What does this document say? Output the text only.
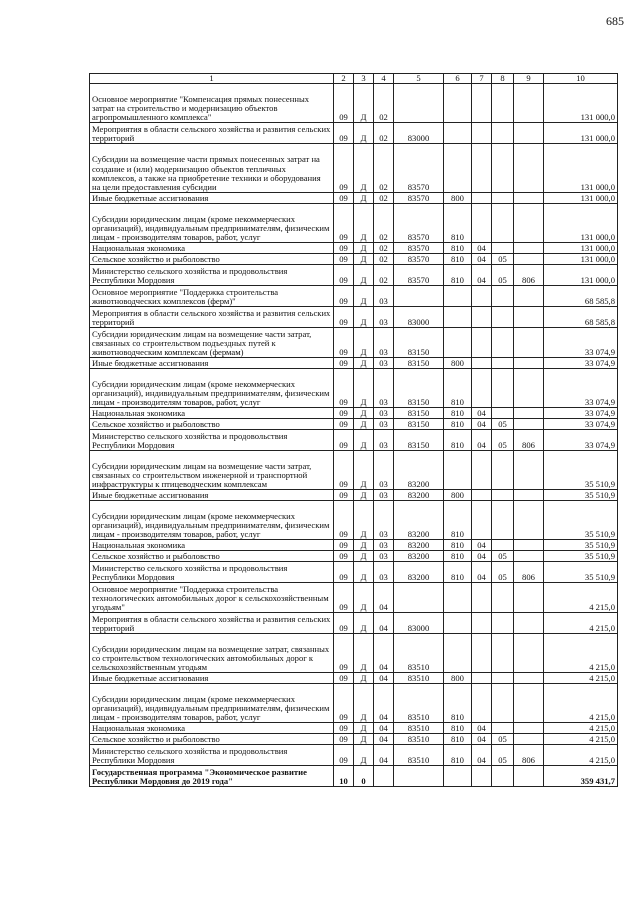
685
1	2	3	4	5	6	7	8	9	10
Основное мероприятие "Компенсация прямых понесенных затрат на строительство и модернизацию объектов агропромышленного комплекса"	09	Д	02						131 000,0
Мероприятия в области сельского хозяйства и развития сельских территорий	09	Д	02	83000					131 000,0
Субсидии на возмещение части прямых понесенных затрат на создание и (или) модернизацию объектов тепличных комплексов, а также на приобретение техники и оборудования на цели предоставления субсидии	09	Д	02	83570					131 000,0
Иные бюджетные ассигнования	09	Д	02	83570	800				131 000,0
Субсидии юридическим лицам (кроме некоммерческих организаций), индивидуальным предпринимателям, физическим лицам - производителям товаров, работ, услуг	09	Д	02	83570	810				131 000,0
Национальная экономика	09	Д	02	83570	810	04			131 000,0
Сельское хозяйство и рыболовство	09	Д	02	83570	810	04	05		131 000,0
Министерство сельского хозяйства и продовольствия Республики Мордовия	09	Д	02	83570	810	04	05	806	131 000,0
Основное мероприятие "Поддержка строительства животноводческих комплексов (ферм)"	09	Д	03						68 585,8
Мероприятия в области сельского хозяйства и развития сельских территорий	09	Д	03	83000					68 585,8
Субсидии юридическим лицам на возмещение части затрат, связанных со строительством подъездных путей к животноводческим комплексам (фермам)	09	Д	03	83150					33 074,9
Иные бюджетные ассигнования	09	Д	03	83150	800				33 074,9
Субсидии юридическим лицам (кроме некоммерческих организаций), индивидуальным предпринимателям, физическим лицам - производителям товаров, работ, услуг	09	Д	03	83150	810				33 074,9
Национальная экономика	09	Д	03	83150	810	04			33 074,9
Сельское хозяйство и рыболовство	09	Д	03	83150	810	04	05		33 074,9
Министерство сельского хозяйства и продовольствия Республики Мордовия	09	Д	03	83150	810	04	05	806	33 074,9
Субсидии юридическим лицам на возмещение части затрат, связанных со строительством инженерной и транспортной инфраструктуры к птицеводческим комплексам	09	Д	03	83200					35 510,9
Иные бюджетные ассигнования	09	Д	03	83200	800				35 510,9
Субсидии юридическим лицам (кроме некоммерческих организаций), индивидуальным предпринимателям, физическим лицам - производителям товаров, работ, услуг	09	Д	03	83200	810				35 510,9
Национальная экономика	09	Д	03	83200	810	04			35 510,9
Сельское хозяйство и рыболовство	09	Д	03	83200	810	04	05		35 510,9
Министерство сельского хозяйства и продовольствия Республики Мордовия	09	Д	03	83200	810	04	05	806	35 510,9
Основное мероприятие "Поддержка строительства технологических автомобильных дорог к сельскохозяйственным угодьям"	09	Д	04						4 215,0
Мероприятия в области сельского хозяйства и развития сельских территорий	09	Д	04	83000					4 215,0
Субсидии юридическим лицам на возмещение затрат, связанных со строительством технологических автомобильных дорог к сельскохозяйственным угодьям	09	Д	04	83510					4 215,0
Иные бюджетные ассигнования	09	Д	04	83510	800				4 215,0
Субсидии юридическим лицам (кроме некоммерческих организаций), индивидуальным предпринимателям, физическим лицам - производителям товаров, работ, услуг	09	Д	04	83510	810				4 215,0
Национальная экономика	09	Д	04	83510	810	04			4 215,0
Сельское хозяйство и рыболовство	09	Д	04	83510	810	04	05		4 215,0
Министерство сельского хозяйства и продовольствия Республики Мордовия	09	Д	04	83510	810	04	05	806	4 215,0
Государственная программа "Экономическое развитие Республики Мордовия до 2019 года"	10	0							359 431,7
